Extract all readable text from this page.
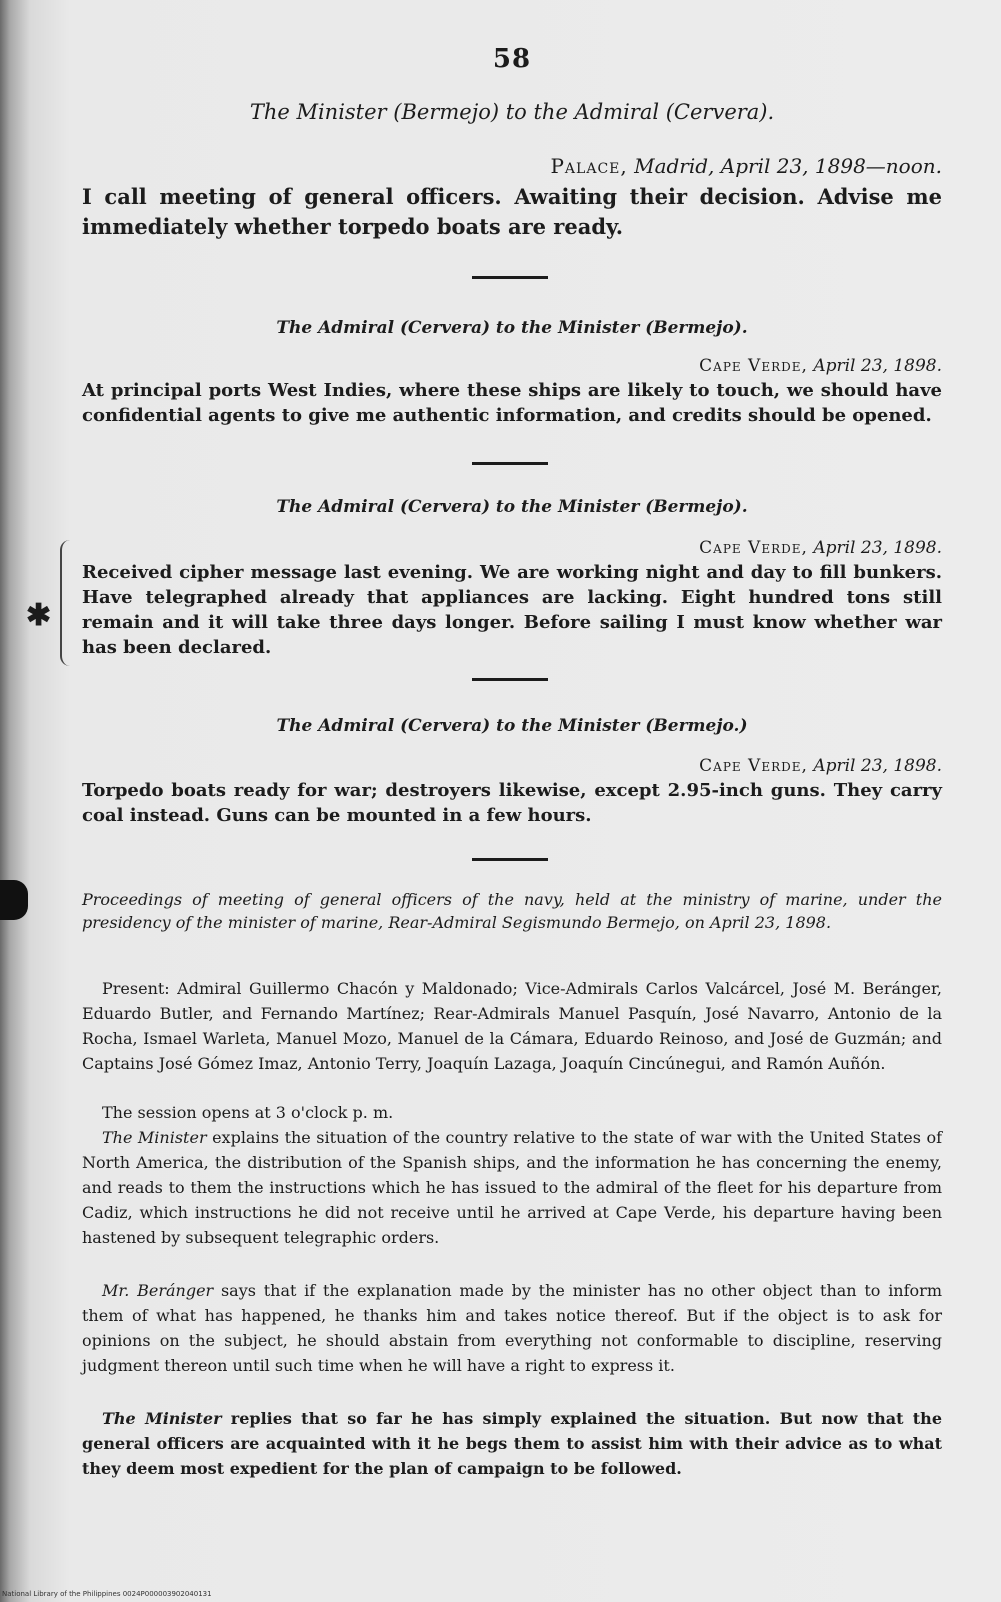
✱
58
The Minister (Bermejo) to the Admiral (Cervera).
Palace, Madrid, April 23, 1898—noon.
I call meeting of general officers. Awaiting their decision. Advise me immediately whether torpedo boats are ready.
The Admiral (Cervera) to the Minister (Bermejo).
Cape Verde, April 23, 1898.
At principal ports West Indies, where these ships are likely to touch, we should have confidential agents to give me authentic information, and credits should be opened.
The Admiral (Cervera) to the Minister (Bermejo).
Cape Verde, April 23, 1898.
Received cipher message last evening. We are working night and day to fill bunkers. Have telegraphed already that appliances are lacking. Eight hundred tons still remain and it will take three days longer. Before sailing I must know whether war has been declared.
The Admiral (Cervera) to the Minister (Bermejo.)
Cape Verde, April 23, 1898.
Torpedo boats ready for war; destroyers likewise, except 2.95-inch guns. They carry coal instead. Guns can be mounted in a few hours.
Proceedings of meeting of general officers of the navy, held at the ministry of marine, under the presidency of the minister of marine, Rear-Admiral Segismundo Bermejo, on April 23, 1898.
Present: Admiral Guillermo Chacón y Maldonado; Vice-Admirals Carlos Valcárcel, José M. Beránger, Eduardo Butler, and Fernando Martínez; Rear-Admirals Manuel Pasquín, José Navarro, Antonio de la Rocha, Ismael Warleta, Manuel Mozo, Manuel de la Cámara, Eduardo Reinoso, and José de Guzmán; and Captains José Gómez Imaz, Antonio Terry, Joaquín Lazaga, Joaquín Cincúnegui, and Ramón Auñón.
The session opens at 3 o'clock p. m.
The Minister explains the situation of the country relative to the state of war with the United States of North America, the distribution of the Spanish ships, and the information he has concerning the enemy, and reads to them the instructions which he has issued to the admiral of the fleet for his departure from Cadiz, which instructions he did not receive until he arrived at Cape Verde, his departure having been hastened by subsequent telegraphic orders.
Mr. Beránger says that if the explanation made by the minister has no other object than to inform them of what has happened, he thanks him and takes notice thereof. But if the object is to ask for opinions on the subject, he should abstain from everything not conformable to discipline, reserving judgment thereon until such time when he will have a right to express it.
The Minister replies that so far he has simply explained the situation. But now that the general officers are acquainted with it he begs them to assist him with their advice as to what they deem most expedient for the plan of campaign to be followed.
National Library of the Philippines 0024P000003902040131
